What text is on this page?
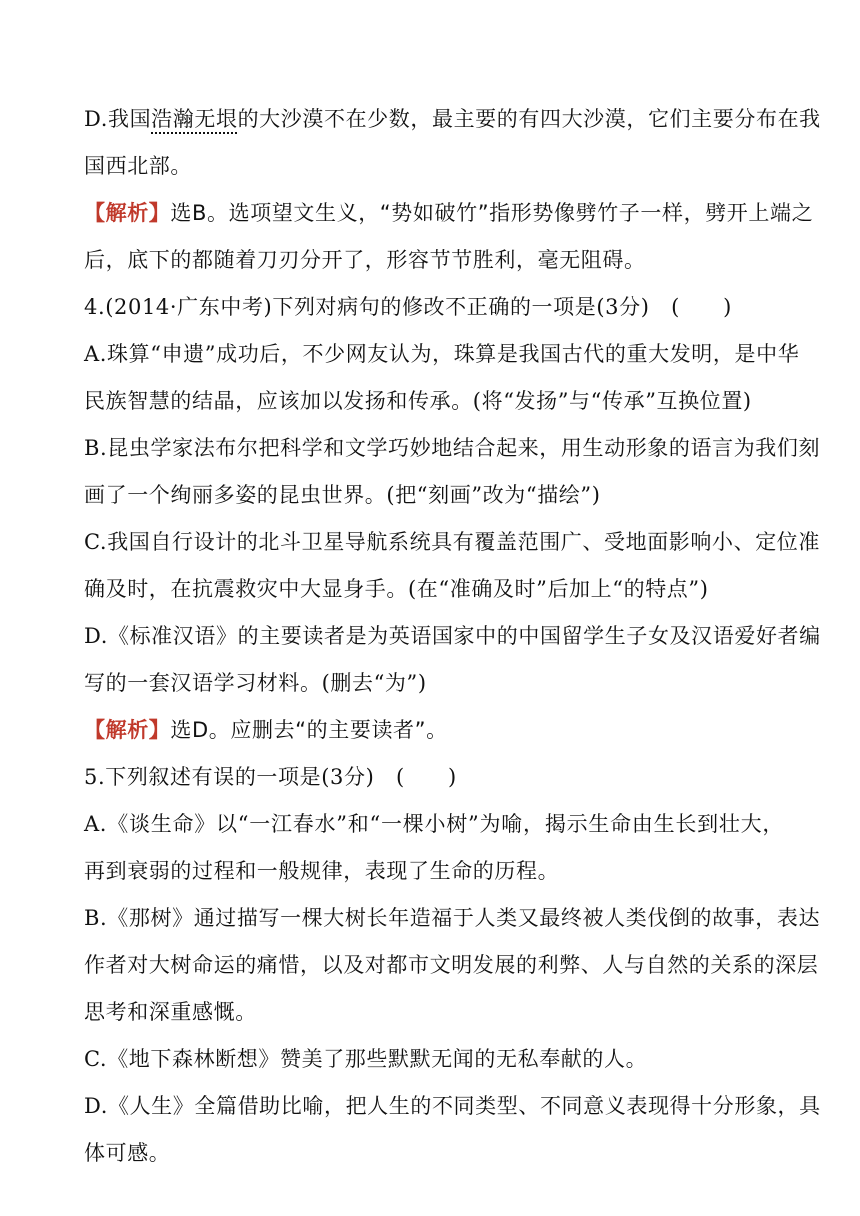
D.我国浩瀚无垠的大沙漠不在少数，最主要的有四大沙漠，它们主要分布在我
国西北部。
【解析】选B。选项望文生义，“势如破竹”指形势像劈竹子一样，劈开上端之
后，底下的都随着刀刃分开了，形容节节胜利，毫无阻碍。
4.(2014·广东中考)下列对病句的修改不正确的一项是(3分)　(　　)
A.珠算“申遗”成功后，不少网友认为，珠算是我国古代的重大发明，是中华
民族智慧的结晶，应该加以发扬和传承。(将“发扬”与“传承”互换位置)
B.昆虫学家法布尔把科学和文学巧妙地结合起来，用生动形象的语言为我们刻
画了一个绚丽多姿的昆虫世界。(把“刻画”改为“描绘”)
C.我国自行设计的北斗卫星导航系统具有覆盖范围广、受地面影响小、定位准
确及时，在抗震救灾中大显身手。(在“准确及时”后加上“的特点”)
D.《标准汉语》的主要读者是为英语国家中的中国留学生子女及汉语爱好者编
写的一套汉语学习材料。(删去“为”)
【解析】选D。应删去“的主要读者”。
5.下列叙述有误的一项是(3分)　(　　)
A.《谈生命》以“一江春水”和“一棵小树”为喻，揭示生命由生长到壮大，
再到衰弱的过程和一般规律，表现了生命的历程。
B.《那树》通过描写一棵大树长年造福于人类又最终被人类伐倒的故事，表达
作者对大树命运的痛惜，以及对都市文明发展的利弊、人与自然的关系的深层
思考和深重感慨。
C.《地下森林断想》赞美了那些默默无闻的无私奉献的人。
D.《人生》全篇借助比喻，把人生的不同类型、不同意义表现得十分形象，具
体可感。
